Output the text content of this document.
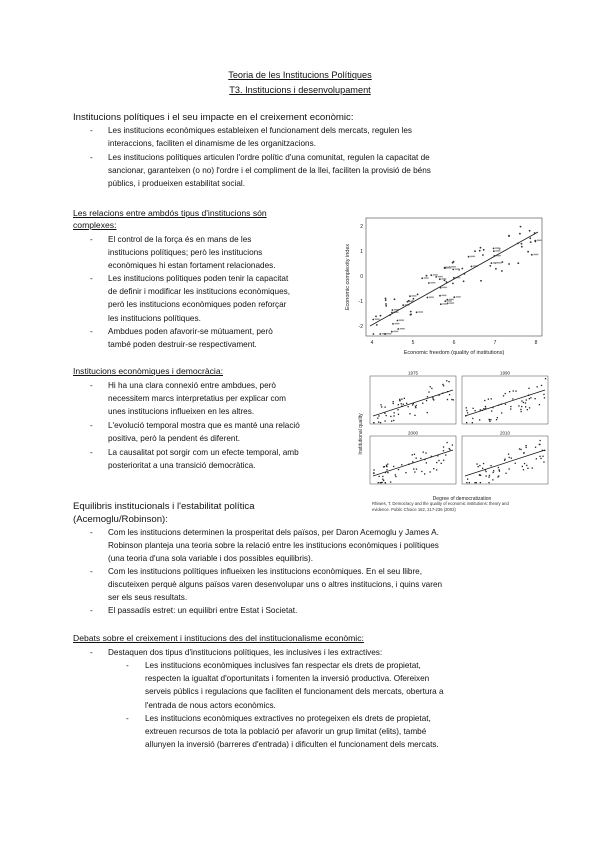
Teoria de les Institucions Polítiques
T3. Institucions i desenvolupament
Institucions polítiques i el seu impacte en el creixement econòmic:
- Les institucions econòmiques estableixen el funcionament dels mercats, regulen les
interaccions, faciliten el dinamisme de les organitzacions.
- Les institucions polítiques articulen l'ordre polític d'una comunitat, regulen la capacitat de
sancionar, garanteixen (o no) l'ordre i el compliment de la llei, faciliten la provisió de béns
públics, i produeixen estabilitat social.
Les relacions entre ambdós tipus d'institucions són
complexes:
- El control de la força és en mans de les
institucions polítiques; però les institucions
econòmiques hi estan fortament relacionades.
- Les institucions polítiques poden tenir la capacitat
de definir i modificar les institucions econòmiques,
però les institucions econòmiques poden reforçar
les institucions polítiques.
- Ambdues poden afavorir-se mútuament, però
també poden destruir-se respectivament.
Institucions econòmiques i democràcia:
- Hi ha una clara connexió entre ambdues, però
necessitem marcs interpretatius per explicar com
unes institucions influeixen en les altres.
- L'evolució temporal mostra que es manté una relació
positiva, però la pendent és diferent.
- La causalitat pot sorgir com un efecte temporal, amb
posterioritat a una transició democràtica.
Equilibris institucionals i l'estabilitat política
(Acemoglu/Robinson):
- Com les institucions determinen la prosperitat dels països, per Daron Acemoglu y James A.
Robinson planteja una teoria sobre la relació entre les institucions econòmiques i polítiques
(una teoria d'una sola variable i dos possibles equilibris).
- Com les institucions polítiques influeixen les institucions econòmiques. En el seu llibre,
discuteixen perquè alguns països varen desenvolupar uns o altres institucions, i quins varen
ser els seus resultats.
- El passadís estret: un equilibri entre Estat i Societat.
Debats sobre el creixement i institucions des del institucionalisme econòmic:
- Destaquen dos tipus d'institucions polítiques, les inclusives i les extractives:
- Les institucions econòmiques inclusives fan respectar els drets de propietat,
respecten la igualtat d'oportunitats i fomenten la inversió productiva. Ofereixen
serveis públics i regulacions que faciliten el funcionament dels mercats, obertura a
l'entrada de nous actors econòmics.
- Les institucions econòmiques extractives no protegeixen els drets de propietat,
extreuen recursos de tota la població per afavorir un grup limitat (elits), també
allunyen la inversió (barreres d'entrada) i dificulten el funcionament dels mercats.
4	5	6	7	8
-2
-1
0
1
2
Economic freedom (quality of institutions)
Economic complexity index
1975	1990
2000	2010
Institutional quality
Degree of democratization
Rhiwes, T. Democracy and the quality of economic institutions: theory and
evidence. Public Choice 162, 217-236 (2002)
